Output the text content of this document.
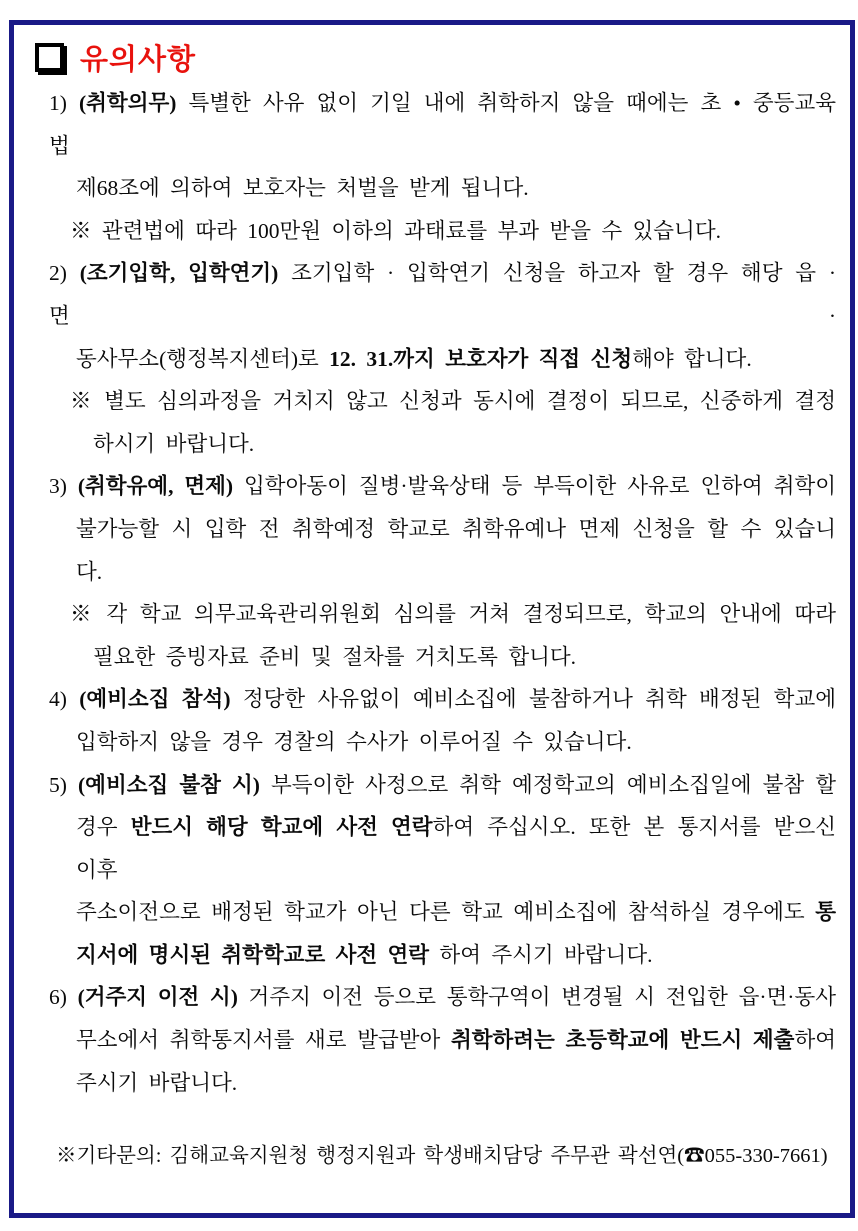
유의사항
1) (취학의무) 특별한 사유 없이 기일 내에 취학하지 않을 때에는 초 • 중등교육법
제68조에 의하여 보호자는 처벌을 받게 됩니다.
※ 관련법에 따라 100만원 이하의 과태료를 부과 받을 수 있습니다.
2) (조기입학, 입학연기) 조기입학 · 입학연기 신청을 하고자 할 경우 해당 읍 · 면 ·
동사무소(행정복지센터)로 12. 31.까지 보호자가 직접 신청해야 합니다.
※ 별도 심의과정을 거치지 않고 신청과 동시에 결정이 되므로, 신중하게 결정
하시기 바랍니다.
3) (취학유예, 면제) 입학아동이 질병·발육상태 등 부득이한 사유로 인하여 취학이
불가능할 시 입학 전 취학예정 학교로 취학유예나 면제 신청을 할 수 있습니다.
※ 각 학교 의무교육관리위원회 심의를 거쳐 결정되므로, 학교의 안내에 따라
필요한 증빙자료 준비 및 절차를 거치도록 합니다.
4) (예비소집 참석) 정당한 사유없이 예비소집에 불참하거나 취학 배정된 학교에
입학하지 않을 경우 경찰의 수사가 이루어질 수 있습니다.
5) (예비소집 불참 시) 부득이한 사정으로 취학 예정학교의 예비소집일에 불참 할
경우 반드시 해당 학교에 사전 연락하여 주십시오. 또한 본 통지서를 받으신 이후
주소이전으로 배정된 학교가 아닌 다른 학교 예비소집에 참석하실 경우에도 통
지서에 명시된 취학학교로 사전 연락 하여 주시기 바랍니다.
6) (거주지 이전 시) 거주지 이전 등으로 통학구역이 변경될 시 전입한 읍·면·동사
무소에서 취학통지서를 새로 발급받아 취학하려는 초등학교에 반드시 제출하여
주시기 바랍니다.
※기타문의: 김해교육지원청 행정지원과 학생배치담당 주무관 곽선연(☎055-330-7661)
